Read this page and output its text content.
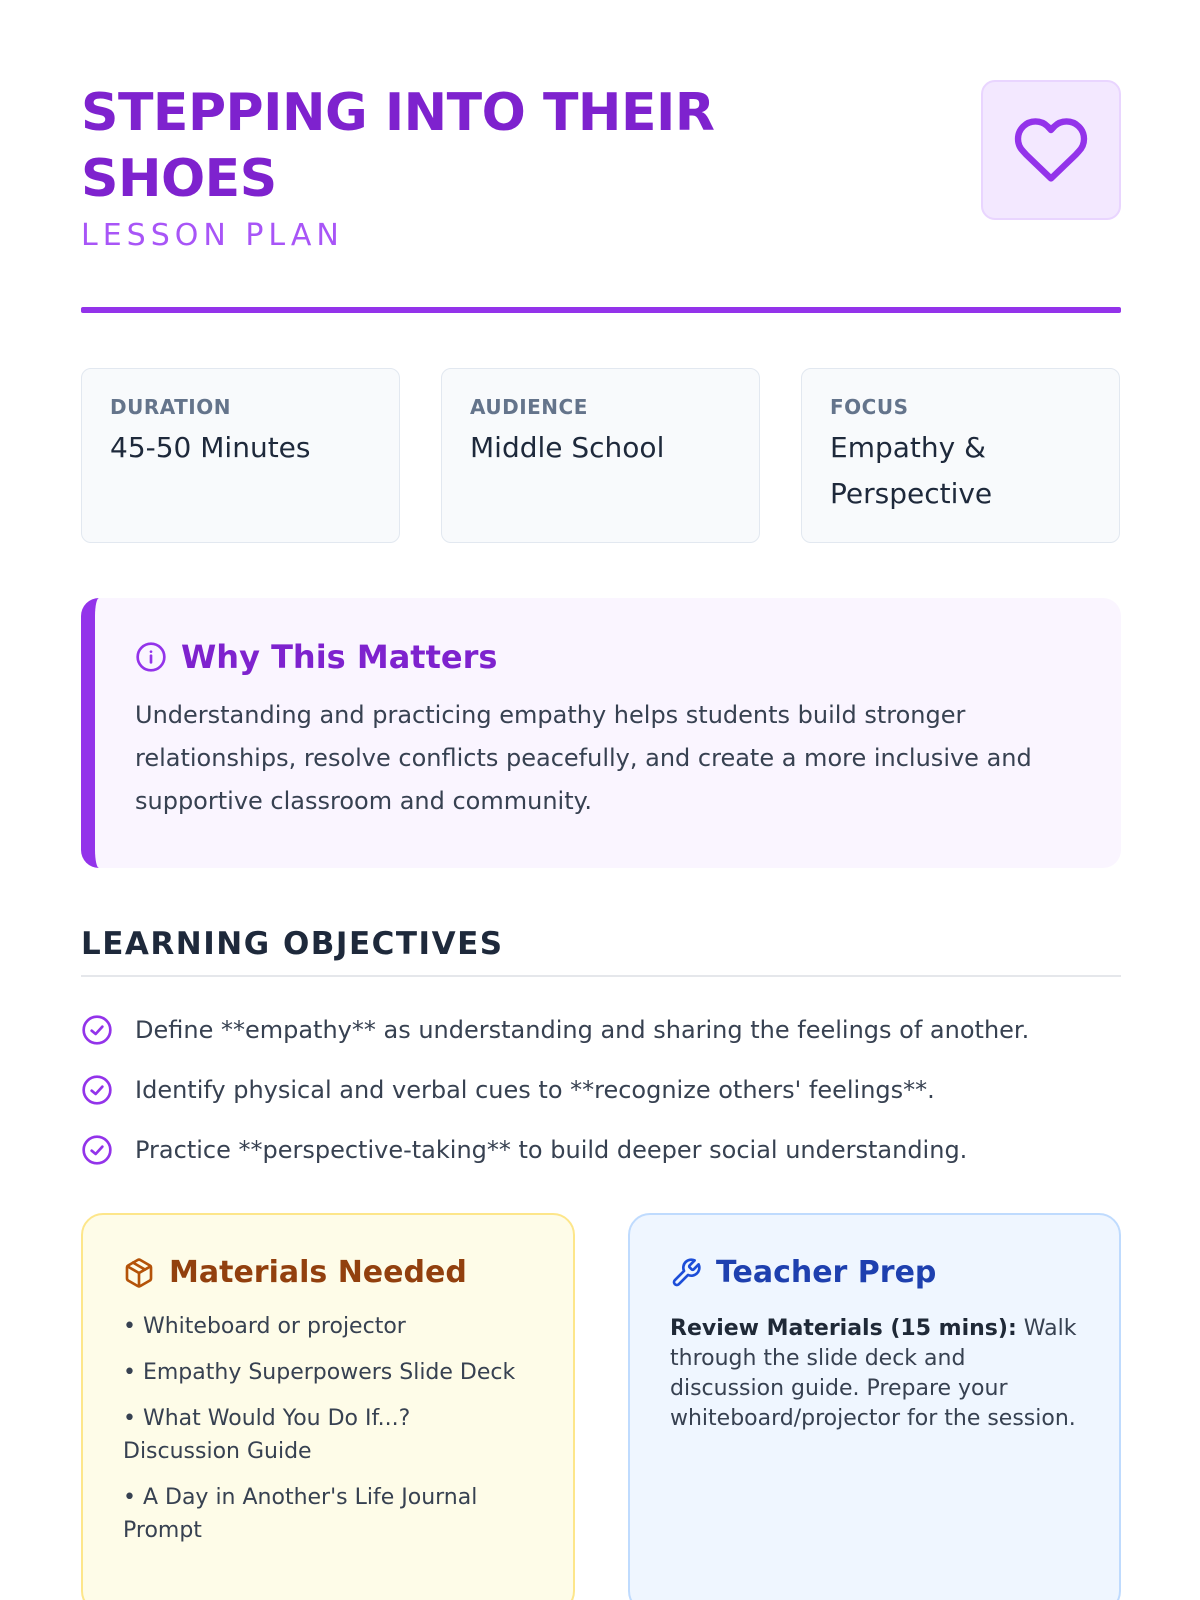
STEPPING INTO THEIR SHOES
LESSON PLAN
DURATION
45-50 Minutes
AUDIENCE
Middle School
FOCUS
Empathy & Perspective
Why This Matters

Understanding and practicing empathy helps students build stronger relationships, resolve conflicts peacefully, and create a more inclusive and supportive classroom and community.

LEARNING OBJECTIVES
Define **empathy** as understanding and sharing the feelings of another.
Identify physical and verbal cues to **recognize others' feelings**.
Practice **perspective-taking** to build deeper social understanding.
Materials Needed
• Whiteboard or projector
• Empathy Superpowers Slide Deck
• What Would You Do If...? Discussion Guide
• A Day in Another's Life Journal Prompt
Teacher Prep

Review Materials (15 mins): Walk through the slide deck and discussion guide. Prepare your whiteboard/projector for the session.
